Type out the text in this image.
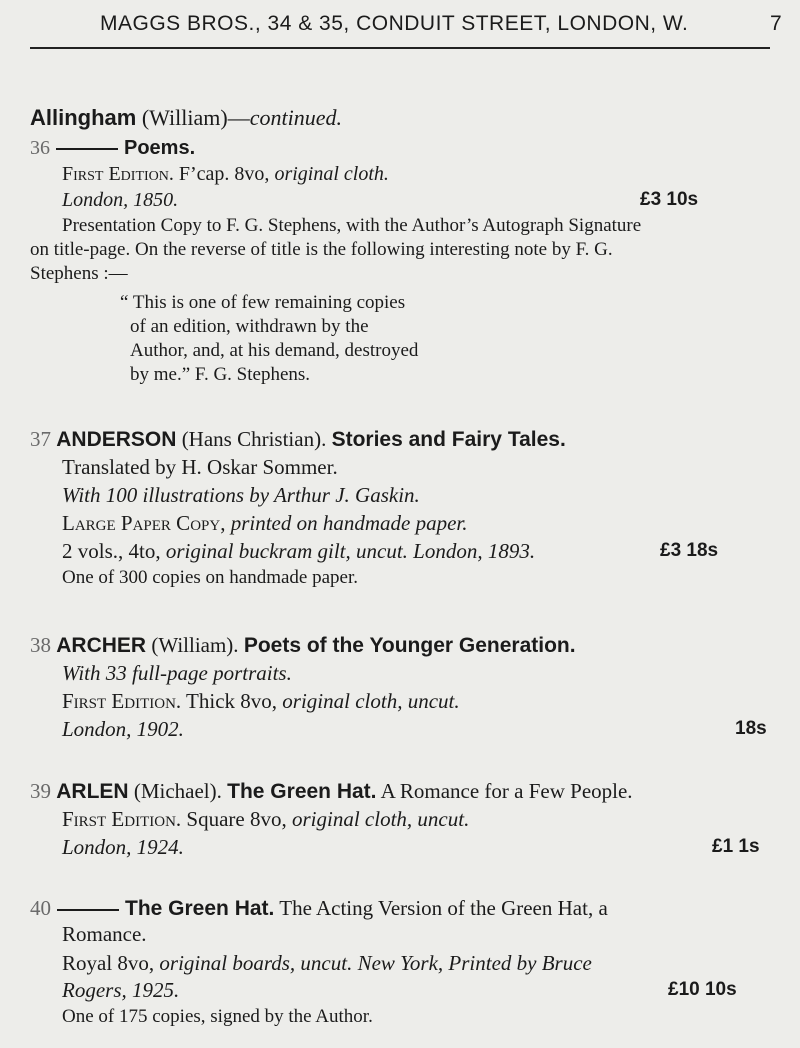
MAGGS BROS., 34 & 35, CONDUIT STREET, LONDON, W.	7
Allingham (William)—continued.
36	Poems.
First Edition. F’cap. 8vo, original cloth.
London, 1850.	£3 10s
Presentation Copy to F. G. Stephens, with the Author’s Autograph Signature
on title-page. On the reverse of title is the following interesting note by F. G.
Stephens :—
“ This is one of few remaining copies
of an edition, withdrawn by the
Author, and, at his demand, destroyed
by me.” F. G. Stephens.
37 ANDERSON (Hans Christian). Stories and Fairy Tales.
Translated by H. Oskar Sommer.
With 100 illustrations by Arthur J. Gaskin.
Large Paper Copy, printed on handmade paper.
2 vols., 4to, original buckram gilt, uncut. London, 1893.	£3 18s
One of 300 copies on handmade paper.
38 ARCHER (William). Poets of the Younger Generation.
With 33 full-page portraits.
First Edition. Thick 8vo, original cloth, uncut.
London, 1902.	18s
39 ARLEN (Michael). The Green Hat. A Romance for a Few People.
First Edition. Square 8vo, original cloth, uncut.
London, 1924.	£1 1s
40	The Green Hat. The Acting Version of the Green Hat, a
Romance.
Royal 8vo, original boards, uncut. New York, Printed by Bruce
Rogers, 1925.	£10 10s
One of 175 copies, signed by the Author.
